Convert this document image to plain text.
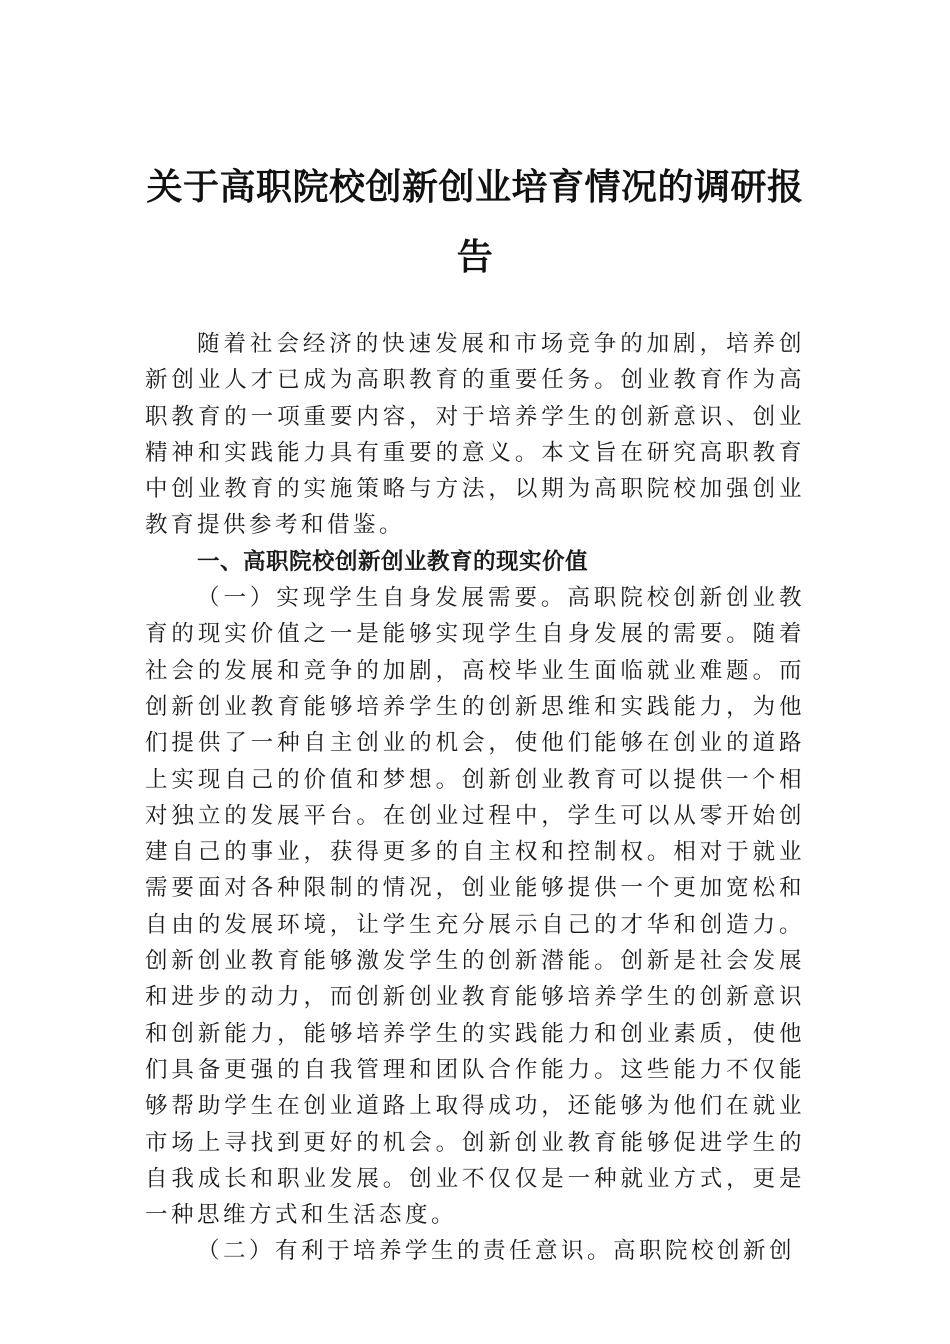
关于高职院校创新创业培育情况的调研报告

随着社会经济的快速发展和市场竞争的加剧，培养创新创业人才已成为高职教育的重要任务。创业教育作为高职教育的一项重要内容，对于培养学生的创新意识、创业精神和实践能力具有重要的意义。本文旨在研究高职教育中创业教育的实施策略与方法，以期为高职院校加强创业教育提供参考和借鉴。

一、高职院校创新创业教育的现实价值

（一）实现学生自身发展需要。高职院校创新创业教育的现实价值之一是能够实现学生自身发展的需要。随着社会的发展和竞争的加剧，高校毕业生面临就业难题。而创新创业教育能够培养学生的创新思维和实践能力，为他们提供了一种自主创业的机会，使他们能够在创业的道路上实现自己的价值和梦想。创新创业教育可以提供一个相对独立的发展平台。在创业过程中，学生可以从零开始创建自己的事业，获得更多的自主权和控制权。相对于就业需要面对各种限制的情况，创业能够提供一个更加宽松和自由的发展环境，让学生充分展示自己的才华和创造力。创新创业教育能够激发学生的创新潜能。创新是社会发展和进步的动力，而创新创业教育能够培养学生的创新意识和创新能力，能够培养学生的实践能力和创业素质，使他们具备更强的自我管理和团队合作能力。这些能力不仅能够帮助学生在创业道路上取得成功，还能够为他们在就业市场上寻找到更好的机会。创新创业教育能够促进学生的自我成长和职业发展。创业不仅仅是一种就业方式，更是一种思维方式和生活态度。

（二）有利于培养学生的责任意识。高职院校创新创
